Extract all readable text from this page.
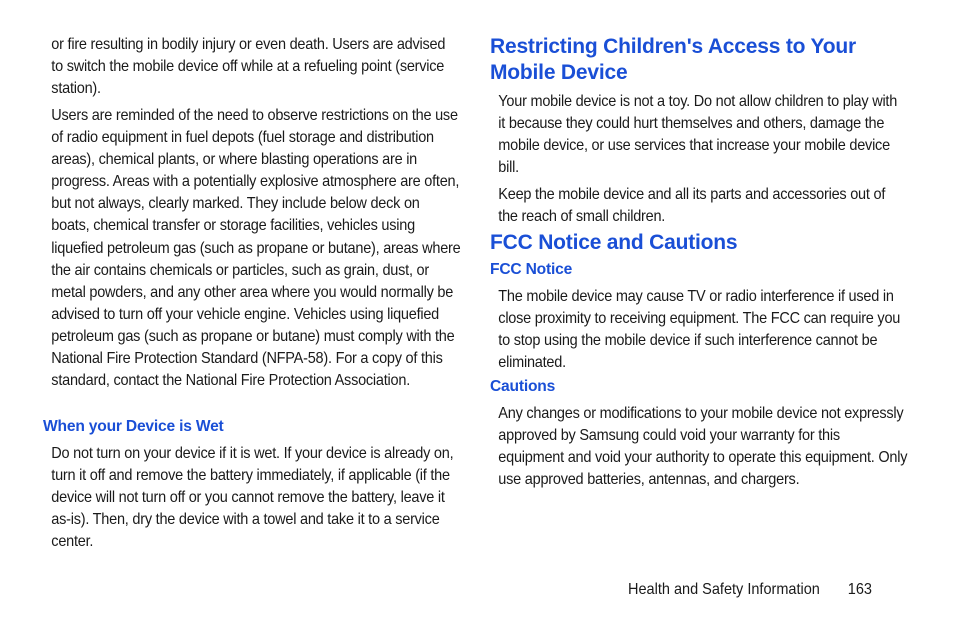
or fire resulting in bodily injury or even death. Users are advised to switch the mobile device off while at a refueling point (service station).

Users are reminded of the need to observe restrictions on the use of radio equipment in fuel depots (fuel storage and distribution areas), chemical plants, or where blasting operations are in progress. Areas with a potentially explosive atmosphere are often, but not always, clearly marked. They include below deck on boats, chemical transfer or storage facilities, vehicles using liquefied petroleum gas (such as propane or butane), areas where the air contains chemicals or particles, such as grain, dust, or metal powders, and any other area where you would normally be advised to turn off your vehicle engine. Vehicles using liquefied petroleum gas (such as propane or butane) must comply with the National Fire Protection Standard (NFPA-58). For a copy of this standard, contact the National Fire Protection Association.

When your Device is Wet

Do not turn on your device if it is wet. If your device is already on, turn it off and remove the battery immediately, if applicable (if the device will not turn off or you cannot remove the battery, leave it as-is). Then, dry the device with a towel and take it to a service center.

Restricting Children's Access to Your Mobile Device

Your mobile device is not a toy. Do not allow children to play with it because they could hurt themselves and others, damage the mobile device, or use services that increase your mobile device bill.

Keep the mobile device and all its parts and accessories out of the reach of small children.

FCC Notice and Cautions
FCC Notice

The mobile device may cause TV or radio interference if used in close proximity to receiving equipment. The FCC can require you to stop using the mobile device if such interference cannot be eliminated.

Cautions

Any changes or modifications to your mobile device not expressly approved by Samsung could void your warranty for this equipment and void your authority to operate this equipment. Only use approved batteries, antennas, and chargers.

Health and Safety Information 163
